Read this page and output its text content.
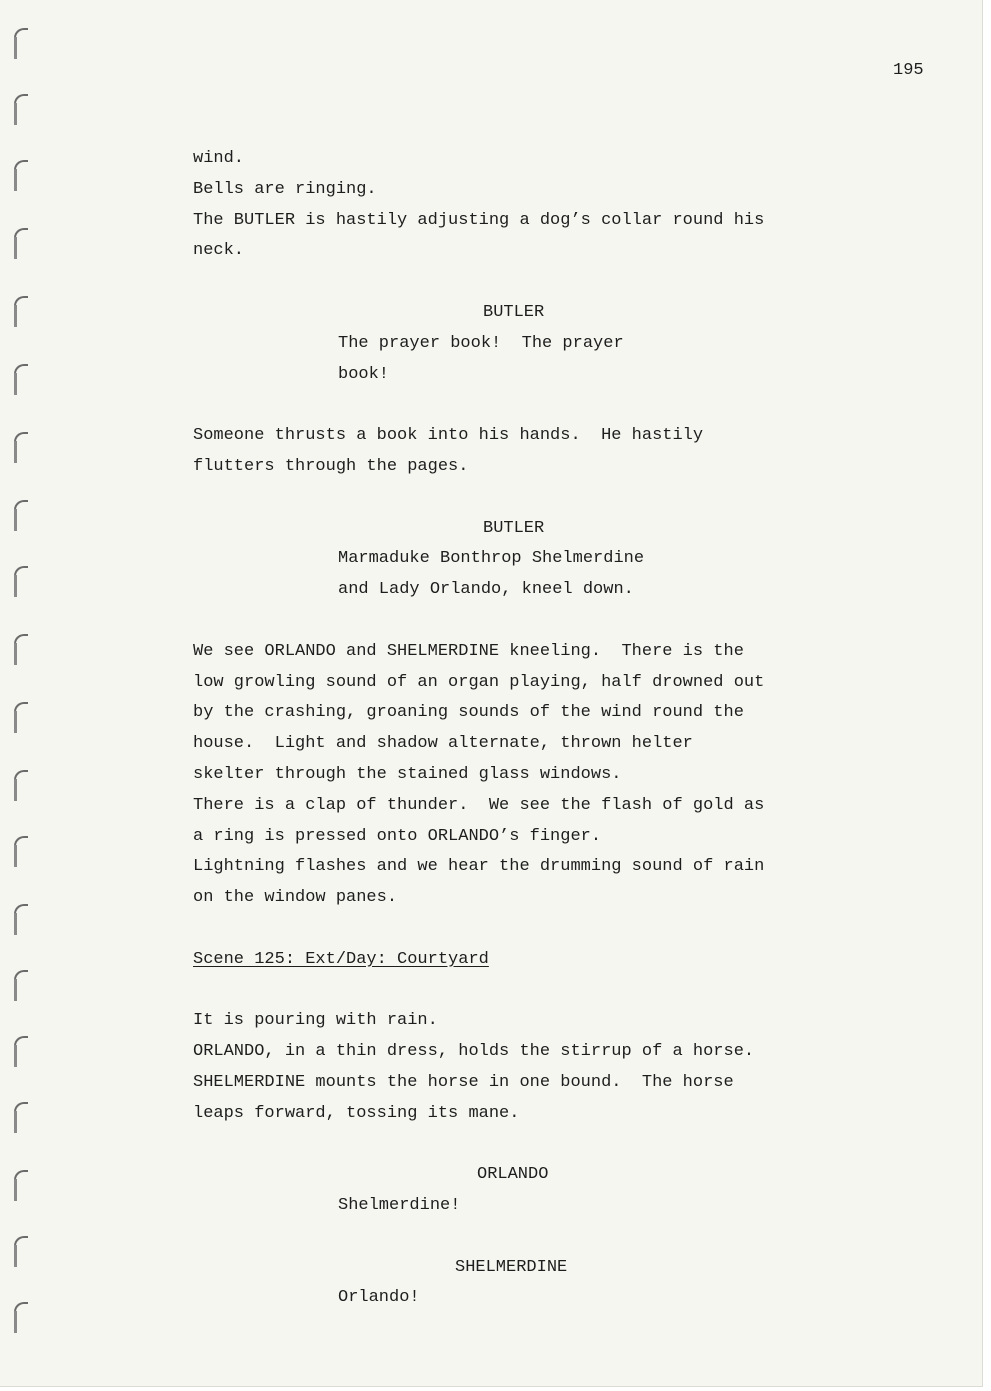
195
wind.
Bells are ringing.
The BUTLER is hastily adjusting a dog’s collar round his
neck.
BUTLER
The prayer book!  The prayer
book!
Someone thrusts a book into his hands.  He hastily
flutters through the pages.
BUTLER
Marmaduke Bonthrop Shelmerdine
and Lady Orlando, kneel down.
We see ORLANDO and SHELMERDINE kneeling.  There is the
low growling sound of an organ playing, half drowned out
by the crashing, groaning sounds of the wind round the
house.  Light and shadow alternate, thrown helter
skelter through the stained glass windows.
There is a clap of thunder.  We see the flash of gold as
a ring is pressed onto ORLANDO’s finger.
Lightning flashes and we hear the drumming sound of rain
on the window panes.
Scene 125: Ext/Day: Courtyard
It is pouring with rain.
ORLANDO, in a thin dress, holds the stirrup of a horse.
SHELMERDINE mounts the horse in one bound.  The horse
leaps forward, tossing its mane.
ORLANDO
Shelmerdine!
SHELMERDINE
Orlando!
